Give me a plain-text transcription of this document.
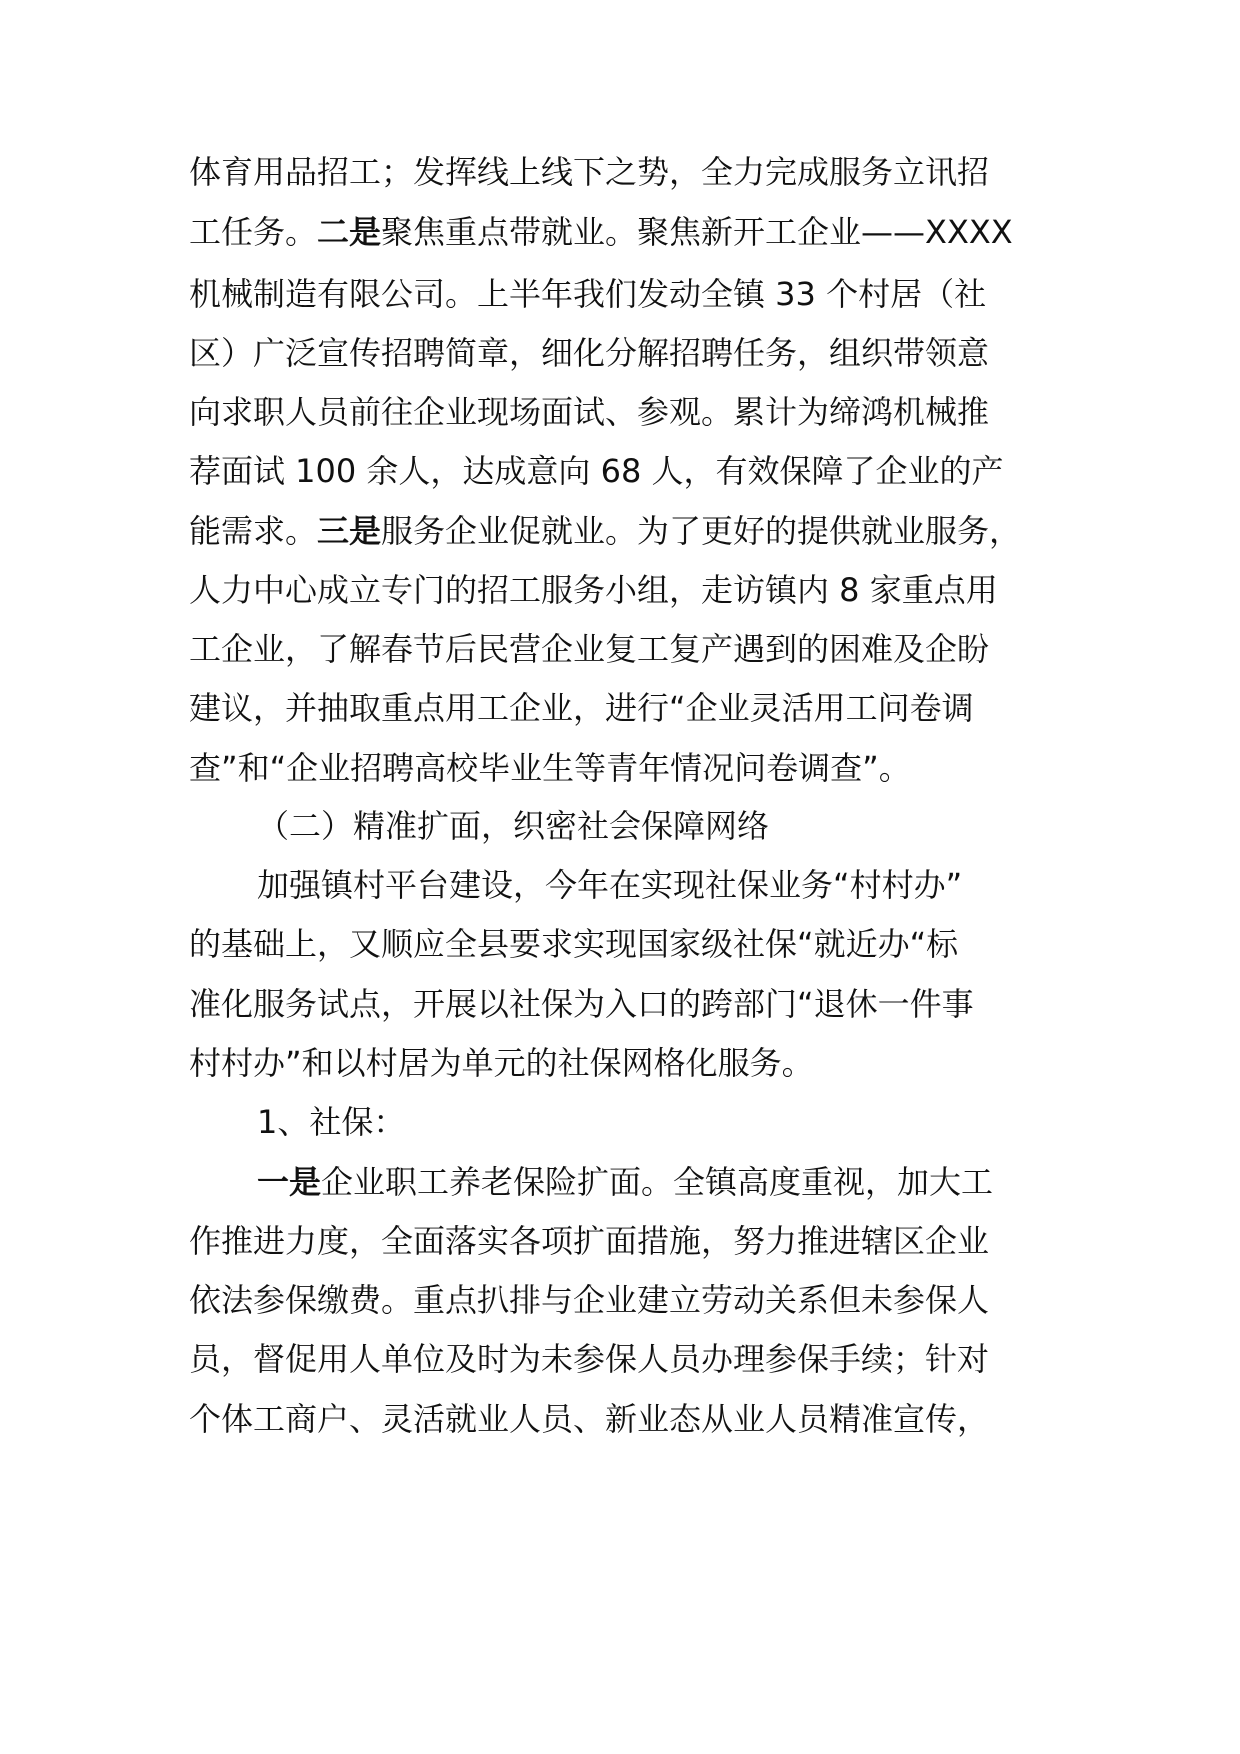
体育用品招工；发挥线上线下之势，全力完成服务立讯招
工任务。二是聚焦重点带就业。聚焦新开工企业——XXXX
机械制造有限公司。上半年我们发动全镇 33 个村居（社
区）广泛宣传招聘简章，细化分解招聘任务，组织带领意
向求职人员前往企业现场面试、参观。累计为缔鸿机械推
荐面试 100 余人，达成意向 68 人，有效保障了企业的产
能需求。三是服务企业促就业。为了更好的提供就业服务，
人力中心成立专门的招工服务小组，走访镇内 8 家重点用
工企业，了解春节后民营企业复工复产遇到的困难及企盼
建议，并抽取重点用工企业，进行“企业灵活用工问卷调
查”和“企业招聘高校毕业生等青年情况问卷调查”。
（二）精准扩面，织密社会保障网络
加强镇村平台建设，今年在实现社保业务“村村办”
的基础上，又顺应全县要求实现国家级社保“就近办“标
准化服务试点，开展以社保为入口的跨部门“退休一件事
村村办”和以村居为单元的社保网格化服务。
1、社保：
一是企业职工养老保险扩面。全镇高度重视，加大工
作推进力度，全面落实各项扩面措施，努力推进辖区企业
依法参保缴费。重点扒排与企业建立劳动关系但未参保人
员，督促用人单位及时为未参保人员办理参保手续；针对
个体工商户、灵活就业人员、新业态从业人员精准宣传，
